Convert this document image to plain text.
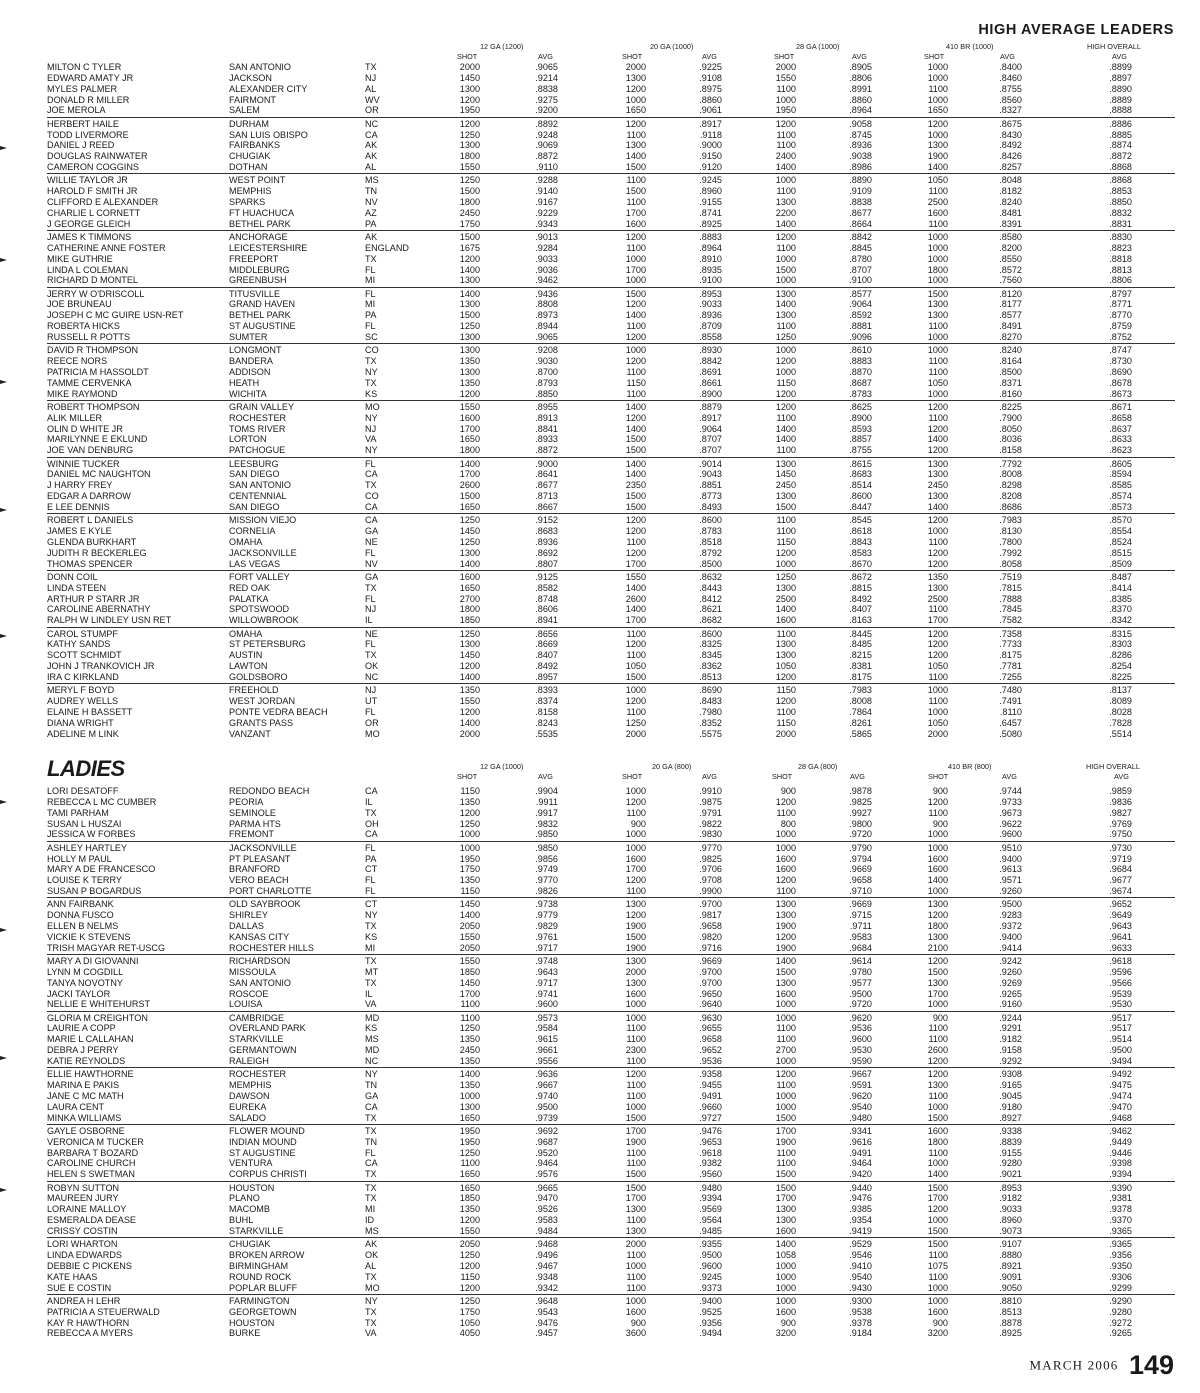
HIGH AVERAGE LEADERS
12 GA (1200)	20 GA (1000)	28 GA (1000)	410 BR (1000)	HIGH OVERALL
SHOT	AVG	SHOT	AVG	SHOT	AVG	SHOT	AVG	AVG
MILTON C TYLER	SAN ANTONIO	TX	2000	.9065	2000	.9225	2000	.8905	1000	.8400	.8899
EDWARD AMATY JR	JACKSON	NJ	1450	.9214	1300	.9108	1550	.8806	1000	.8460	.8897
MYLES PALMER	ALEXANDER CITY	AL	1300	.8838	1200	.8975	1100	.8991	1100	.8755	.8890
DONALD R MILLER	FAIRMONT	WV	1200	.9275	1000	.8860	1000	.8860	1000	.8560	.8889
JOE MEROLA	SALEM	OR	1950	.9200	1650	.9061	1950	.8964	1650	.8327	.8888
HERBERT HAILE	DURHAM	NC	1200	.8892	1200	.8917	1200	.9058	1200	.8675	.8886
TODD LIVERMORE	SAN LUIS OBISPO	CA	1250	.9248	1100	.9118	1100	.8745	1000	.8430	.8885
DANIEL J REED	FAIRBANKS	AK	1300	.9069	1300	.9000	1100	.8936	1300	.8492	.8874
DOUGLAS RAINWATER	CHUGIAK	AK	1800	.8872	1400	.9150	2400	.9038	1900	.8426	.8872
CAMERON COGGINS	DOTHAN	AL	1550	.9110	1500	.9120	1400	.8986	1400	.8257	.8868
WILLIE TAYLOR JR	WEST POINT	MS	1250	.9288	1100	.9245	1000	.8890	1050	.8048	.8868
HAROLD F SMITH JR	MEMPHIS	TN	1500	.9140	1500	.8960	1100	.9109	1100	.8182	.8853
CLIFFORD E ALEXANDER	SPARKS	NV	1800	.9167	1100	.9155	1300	.8838	2500	.8240	.8850
CHARLIE L CORNETT	FT HUACHUCA	AZ	2450	.9229	1700	.8741	2200	.8677	1600	.8481	.8832
J GEORGE GLEICH	BETHEL PARK	PA	1750	.9343	1600	.8925	1400	.8664	1100	.8391	.8831
JAMES K TIMMONS	ANCHORAGE	AK	1500	.9013	1200	.8883	1200	.8842	1000	.8580	.8830
CATHERINE ANNE FOSTER	LEICESTERSHIRE	ENGLAND	1675	.9284	1100	.8964	1100	.8845	1000	.8200	.8823
MIKE GUTHRIE	FREEPORT	TX	1200	.9033	1000	.8910	1000	.8780	1000	.8550	.8818
LINDA L COLEMAN	MIDDLEBURG	FL	1400	.9036	1700	.8935	1500	.8707	1800	.8572	.8813
RICHARD D MONTEL	GREENBUSH	MI	1300	.9462	1000	.9100	1000	.9100	1000	.7560	.8806
JERRY W O'DRISCOLL	TITUSVILLE	FL	1400	.9436	1500	.8953	1300	.8577	1500	.8120	.8797
JOE BRUNEAU	GRAND HAVEN	MI	1300	.8808	1200	.9033	1400	.9064	1300	.8177	.8771
JOSEPH C MC GUIRE USN-RET	BETHEL PARK	PA	1500	.8973	1400	.8936	1300	.8592	1300	.8577	.8770
ROBERTA HICKS	ST AUGUSTINE	FL	1250	.8944	1100	.8709	1100	.8881	1100	.8491	.8759
RUSSELL R POTTS	SUMTER	SC	1300	.9065	1200	.8558	1250	.9096	1000	.8270	.8752
DAVID R THOMPSON	LONGMONT	CO	1300	.9208	1000	.8930	1000	.8610	1000	.8240	.8747
REECE NORS	BANDERA	TX	1350	.9030	1200	.8842	1200	.8883	1100	.8164	.8730
PATRICIA M HASSOLDT	ADDISON	NY	1300	.8700	1100	.8691	1000	.8870	1100	.8500	.8690
TAMME CERVENKA	HEATH	TX	1350	.8793	1150	.8661	1150	.8687	1050	.8371	.8678
MIKE RAYMOND	WICHITA	KS	1200	.8850	1100	.8900	1200	.8783	1000	.8160	.8673
ROBERT THOMPSON	GRAIN VALLEY	MO	1550	.8955	1400	.8879	1200	.8625	1200	.8225	.8671
ALIK MILLER	ROCHESTER	NY	1600	.8913	1200	.8917	1100	.8900	1100	.7900	.8658
OLIN D WHITE JR	TOMS RIVER	NJ	1700	.8841	1400	.9064	1400	.8593	1200	.8050	.8637
MARILYNNE E EKLUND	LORTON	VA	1650	.8933	1500	.8707	1400	.8857	1400	.8036	.8633
JOE VAN DENBURG	PATCHOGUE	NY	1800	.8872	1500	.8707	1100	.8755	1200	.8158	.8623
WINNIE TUCKER	LEESBURG	FL	1400	.9000	1400	.9014	1300	.8615	1300	.7792	.8605
DANIEL MC NAUGHTON	SAN DIEGO	CA	1700	.8641	1400	.9043	1450	.8683	1300	.8008	.8594
J HARRY FREY	SAN ANTONIO	TX	2600	.8677	2350	.8851	2450	.8514	2450	.8298	.8585
EDGAR A DARROW	CENTENNIAL	CO	1500	.8713	1500	.8773	1300	.8600	1300	.8208	.8574
E LEE DENNIS	SAN DIEGO	CA	1650	.8667	1500	.8493	1500	.8447	1400	.8686	.8573
ROBERT L DANIELS	MISSION VIEJO	CA	1250	.9152	1200	.8600	1100	.8545	1200	.7983	.8570
JAMES E KYLE	CORNELIA	GA	1450	.8683	1200	.8783	1100	.8618	1000	.8130	.8554
GLENDA BURKHART	OMAHA	NE	1250	.8936	1100	.8518	1150	.8843	1100	.7800	.8524
JUDITH R BECKERLEG	JACKSONVILLE	FL	1300	.8692	1200	.8792	1200	.8583	1200	.7992	.8515
THOMAS SPENCER	LAS VEGAS	NV	1400	.8807	1700	.8500	1000	.8670	1200	.8058	.8509
DONN COIL	FORT VALLEY	GA	1600	.9125	1550	.8632	1250	.8672	1350	.7519	.8487
LINDA STEEN	RED OAK	TX	1650	.8582	1400	.8443	1300	.8815	1300	.7815	.8414
ARTHUR P STARR JR	PALATKA	FL	2700	.8748	2600	.8412	2500	.8492	2500	.7888	.8385
CAROLINE ABERNATHY	SPOTSWOOD	NJ	1800	.8606	1400	.8621	1400	.8407	1100	.7845	.8370
RALPH W LINDLEY USN RET	WILLOWBROOK	IL	1850	.8941	1700	.8682	1600	.8163	1700	.7582	.8342
CAROL STUMPF	OMAHA	NE	1250	.8656	1100	.8600	1100	.8445	1200	.7358	.8315
KATHY SANDS	ST PETERSBURG	FL	1300	.8669	1200	.8325	1300	.8485	1200	.7733	.8303
SCOTT SCHMIDT	AUSTIN	TX	1450	.8407	1100	.8345	1300	.8215	1200	.8175	.8286
JOHN J TRANKOVICH JR	LAWTON	OK	1200	.8492	1050	.8362	1050	.8381	1050	.7781	.8254
IRA C KIRKLAND	GOLDSBORO	NC	1400	.8957	1500	.8513	1200	.8175	1100	.7255	.8225
MERYL F BOYD	FREEHOLD	NJ	1350	.8393	1000	.8690	1150	.7983	1000	.7480	.8137
AUDREY WELLS	WEST JORDAN	UT	1550	.8374	1200	.8483	1200	.8008	1100	.7491	.8089
ELAINE H BASSETT	PONTE VEDRA BEACH	FL	1200	.8158	1100	.7980	1100	.7864	1000	.8110	.8028
DIANA WRIGHT	GRANTS PASS	OR	1400	.8243	1250	.8352	1150	.8261	1050	.6457	.7828
ADELINE M LINK	VANZANT	MO	2000	.5535	2000	.5575	2000	.5865	2000	.5080	.5514
LADIES	12 GA (1000)	20 GA (800)	28 GA (800)	410 BR (800)	HIGH OVERALL
SHOT	AVG	SHOT	AVG	SHOT	AVG	SHOT	AVG	AVG
LORI DESATOFF	REDONDO BEACH	CA	1150	.9904	1000	.9910	900	.9878	900	.9744	.9859
REBECCA L MC CUMBER	PEORIA	IL	1350	.9911	1200	.9875	1200	.9825	1200	.9733	.9836
TAMI PARHAM	SEMINOLE	TX	1200	.9917	1100	.9791	1100	.9927	1100	.9673	.9827
SUSAN L HUSZAI	PARMA HTS	OH	1250	.9832	900	.9822	800	.9800	900	.9622	.9769
JESSICA W FORBES	FREMONT	CA	1000	.9850	1000	.9830	1000	.9720	1000	.9600	.9750
ASHLEY HARTLEY	JACKSONVILLE	FL	1000	.9850	1000	.9770	1000	.9790	1000	.9510	.9730
HOLLY M PAUL	PT PLEASANT	PA	1950	.9856	1600	.9825	1600	.9794	1600	.9400	.9719
MARY A DE FRANCESCO	BRANFORD	CT	1750	.9749	1700	.9706	1600	.9669	1600	.9613	.9684
LOUISE K TERRY	VERO BEACH	FL	1350	.9770	1200	.9708	1200	.9658	1400	.9571	.9677
SUSAN P BOGARDUS	PORT CHARLOTTE	FL	1150	.9826	1100	.9900	1100	.9710	1000	.9260	.9674
ANN FAIRBANK	OLD SAYBROOK	CT	1450	.9738	1300	.9700	1300	.9669	1300	.9500	.9652
DONNA FUSCO	SHIRLEY	NY	1400	.9779	1200	.9817	1300	.9715	1200	.9283	.9649
ELLEN B NELMS	DALLAS	TX	2050	.9829	1900	.9658	1900	.9711	1800	.9372	.9643
VICKIE K STEVENS	KANSAS CITY	KS	1550	.9761	1500	.9820	1200	.9583	1300	.9400	.9641
TRISH MAGYAR RET-USCG	ROCHESTER HILLS	MI	2050	.9717	1900	.9716	1900	.9684	2100	.9414	.9633
MARY A DI GIOVANNI	RICHARDSON	TX	1550	.9748	1300	.9669	1400	.9614	1200	.9242	.9618
LYNN M COGDILL	MISSOULA	MT	1850	.9643	2000	.9700	1500	.9780	1500	.9260	.9596
TANYA NOVOTNY	SAN ANTONIO	TX	1450	.9717	1300	.9700	1300	.9577	1300	.9269	.9566
JACKI TAYLOR	ROSCOE	IL	1700	.9741	1600	.9650	1600	.9500	1700	.9265	.9539
NELLIE E WHITEHURST	LOUISA	VA	1100	.9600	1000	.9640	1000	.9720	1000	.9160	.9530
GLORIA M CREIGHTON	CAMBRIDGE	MD	1100	.9573	1000	.9630	1000	.9620	900	.9244	.9517
LAURIE A COPP	OVERLAND PARK	KS	1250	.9584	1100	.9655	1100	.9536	1100	.9291	.9517
MARIE L CALLAHAN	STARKVILLE	MS	1350	.9615	1100	.9658	1100	.9600	1100	.9182	.9514
DEBRA J PERRY	GERMANTOWN	MD	2450	.9661	2300	.9652	2700	.9530	2600	.9158	.9500
KATIE REYNOLDS	RALEIGH	NC	1350	.9556	1100	.9536	1000	.9590	1200	.9292	.9494
ELLIE HAWTHORNE	ROCHESTER	NY	1400	.9636	1200	.9358	1200	.9667	1200	.9308	.9492
MARINA E PAKIS	MEMPHIS	TN	1350	.9667	1100	.9455	1100	.9591	1300	.9165	.9475
JANE C MC MATH	DAWSON	GA	1000	.9740	1100	.9491	1000	.9620	1100	.9045	.9474
LAURA CENT	EUREKA	CA	1300	.9500	1000	.9660	1000	.9540	1000	.9180	.9470
MINKA WILLIAMS	SALADO	TX	1650	.9739	1500	.9727	1500	.9480	1500	.8927	.9468
GAYLE OSBORNE	FLOWER MOUND	TX	1950	.9692	1700	.9476	1700	.9341	1600	.9338	.9462
VERONICA M TUCKER	INDIAN MOUND	TN	1950	.9687	1900	.9653	1900	.9616	1800	.8839	.9449
BARBARA T BOZARD	ST AUGUSTINE	FL	1250	.9520	1100	.9618	1100	.9491	1100	.9155	.9446
CAROLINE CHURCH	VENTURA	CA	1100	.9464	1100	.9382	1100	.9464	1000	.9280	.9398
HELEN S SWETMAN	CORPUS CHRISTI	TX	1650	.9576	1500	.9560	1500	.9420	1400	.9021	.9394
ROBYN SUTTON	HOUSTON	TX	1650	.9665	1500	.9480	1500	.9440	1500	.8953	.9390
MAUREEN JURY	PLANO	TX	1850	.9470	1700	.9394	1700	.9476	1700	.9182	.9381
LORAINE MALLOY	MACOMB	MI	1350	.9526	1300	.9569	1300	.9385	1200	.9033	.9378
ESMERALDA DEASE	BUHL	ID	1200	.9583	1100	.9564	1300	.9354	1000	.8960	.9370
CRISSY COSTIN	STARKVILLE	MS	1550	.9484	1300	.9485	1600	.9419	1500	.9073	.9365
LORI WHARTON	CHUGIAK	AK	2050	.9468	2000	.9355	1400	.9529	1500	.9107	.9365
LINDA EDWARDS	BROKEN ARROW	OK	1250	.9496	1100	.9500	1058	.9546	1100	.8880	.9356
DEBBIE C PICKENS	BIRMINGHAM	AL	1200	.9467	1000	.9600	1000	.9410	1075	.8921	.9350
KATE HAAS	ROUND ROCK	TX	1150	.9348	1100	.9245	1000	.9540	1100	.9091	.9306
SUE E COSTIN	POPLAR BLUFF	MO	1200	.9342	1100	.9373	1000	.9430	1000	.9050	.9299
ANDREA H LEHR	FARMINGTON	NY	1250	.9648	1000	.9400	1000	.9300	1000	.8810	.9290
PATRICIA A STEUERWALD	GEORGETOWN	TX	1750	.9543	1600	.9525	1600	.9538	1600	.8513	.9280
KAY R HAWTHORN	HOUSTON	TX	1050	.9476	900	.9356	900	.9378	900	.8878	.9272
REBECCA A MYERS	BURKE	VA	4050	.9457	3600	.9494	3200	.9184	3200	.8925	.9265
MARCH 2006 149
